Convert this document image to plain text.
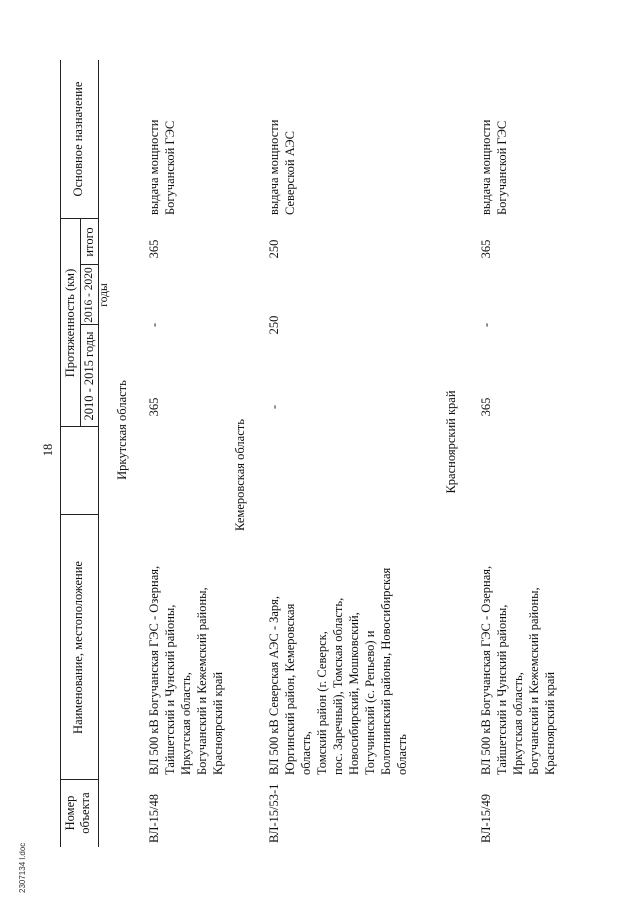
18
Номер
объекта
Наименование, местоположение
Протяженность (км) 2010 - 2015 годы
2016 - 2020 годы
итого
Основное назначение
Иркутская область
ВЛ-15/48
ВЛ 500 кВ Богучанская ГЭС - Озерная,
Тайшетский и Чунский районы,
Иркутская область,
Богучанский и Кежемский районы,
Красноярский край
365
-
365
выдача мощности
Богучанской ГЭС
Кемеровская область
ВЛ-15/53-1
ВЛ 500 кВ Северская АЭС - Заря,
Юргинский район, Кемеровская
область,
Томский район (г. Северск,
пос. Заречный), Томская область,
Новосибирский, Мошковский,
Тогучинский (с. Репьево) и
Болотнинский районы, Новосибирская
область
-
250
250
выдача мощности
Северской АЭС
Красноярский край
ВЛ-15/49
ВЛ 500 кВ Богучанская ГЭС - Озерная,
Тайшетский и Чунский районы,
Иркутская область,
Богучанский и Кежемский районы,
Красноярский край
365
-
365
выдача мощности
Богучанской ГЭС
2307134 l.doc
